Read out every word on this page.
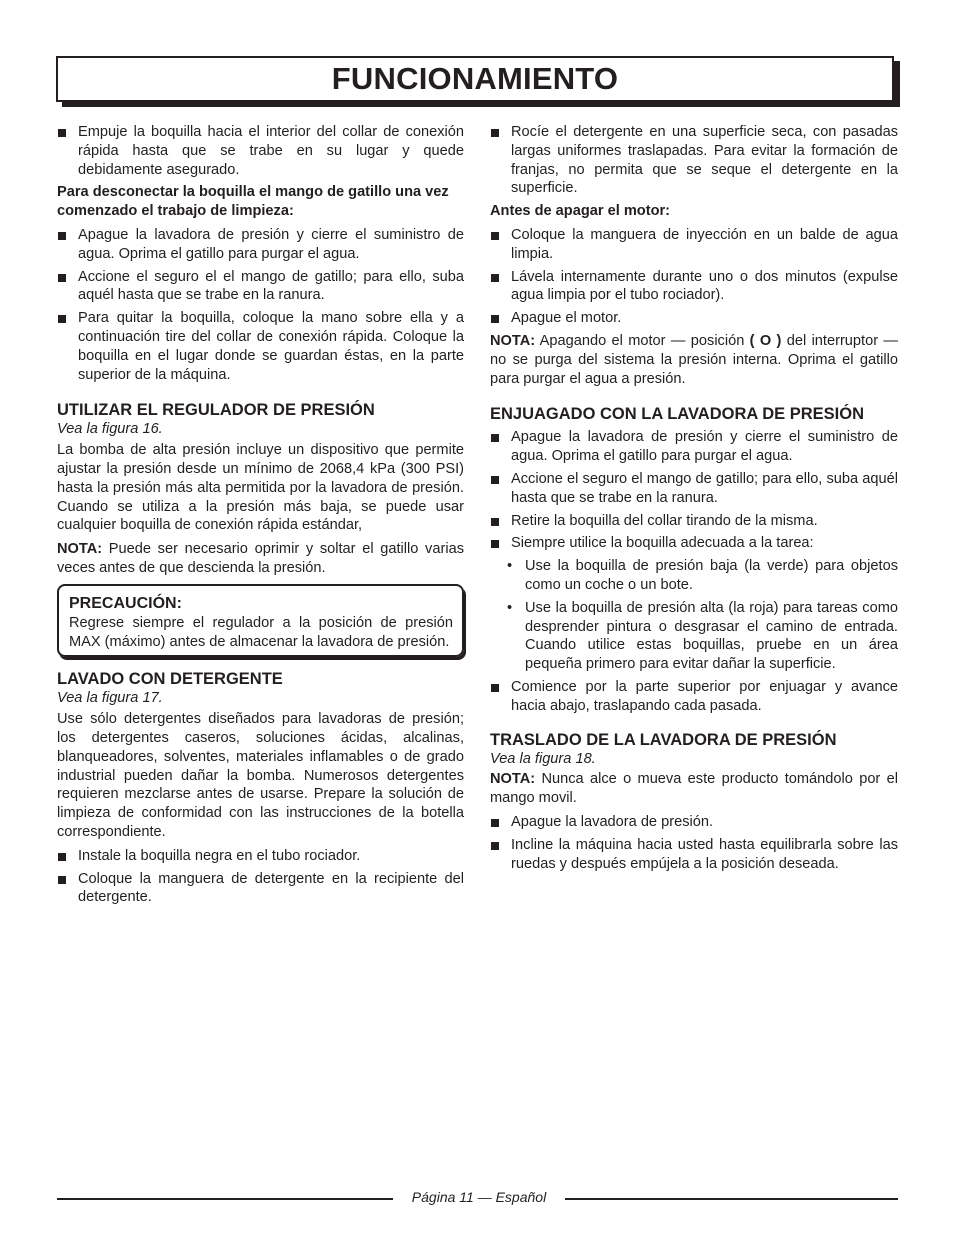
FUNCIONAMIENTO
Empuje la boquilla hacia el interior del collar de conexión rápida hasta que se trabe en su lugar y quede debidamente asegurado.

Para desconectar la boquilla el mango de gatillo una vez comenzado el trabajo de limpieza:

Apague la lavadora de presión y cierre el suministro de agua. Oprima el gatillo para purgar el agua.
Accione el seguro el el mango de gatillo; para ello, suba aquél hasta que se trabe en la ranura.
Para quitar la boquilla, coloque la mano sobre ella y a continuación tire del collar de conexión rápida. Coloque la boquilla en el lugar donde se guardan éstas, en la parte superior de la máquina.
UTILIZAR EL REGULADOR DE PRESIÓN

Vea la figura 16.

La bomba de alta presión incluye un dispositivo que permite ajustar la presión desde un mínimo de 2068,4 kPa (300 PSI) hasta la presión más alta permitida por la lavadora de presión. Cuando se utiliza a la presión más baja, se puede usar cualquier boquilla de conexión rápida estándar,

NOTA: Puede ser necesario oprimir y soltar el gatillo varias veces antes de que descienda la presión.

PRECAUCIÓN:

Regrese siempre el regulador a la posición de presión MAX (máximo) antes de almacenar la lavadora de presión.

LAVADO CON DETERGENTE

Vea la figura 17.

Use sólo detergentes diseñados para lavadoras de presión; los detergentes caseros, soluciones ácidas, alcalinas, blanqueadores, solventes, materiales inflamables o de grado industrial pueden dañar la bomba. Numerosos detergentes requieren mezclarse antes de usarse. Prepare la solución de limpieza de conformidad con las instrucciones de la botella correspondiente.

Instale la boquilla negra en el tubo rociador.
Coloque la manguera de detergente en la recipiente del detergente.
Rocíe el detergente en una superficie seca, con pasadas largas uniformes traslapadas. Para evitar la formación de franjas, no permita que se seque el detergente en la superficie.

Antes de apagar el motor:

Coloque la manguera de inyección en un balde de agua limpia.
Lávela internamente durante uno o dos minutos (expulse agua limpia por el tubo rociador).
Apague el motor.

NOTA: Apagando el motor — posición ( O ) del interruptor — no se purga del sistema la presión interna. Oprima el gatillo para purgar el agua a presión.

ENJUAGADO CON LA LAVADORA DE PRESIÓN
Apague la lavadora de presión y cierre el suministro de agua. Oprima el gatillo para purgar el agua.
Accione el seguro el mango de gatillo; para ello, suba aquél hasta que se trabe en la ranura.
Retire la boquilla del collar tirando de la misma.
Siempre utilice la boquilla adecuada a la tarea:
• Use la boquilla de presión baja (la verde) para objetos como un coche o un bote.
• Use la boquilla de presión alta (la roja) para tareas como desprender pintura o desgrasar el camino de entrada. Cuando utilice estas boquillas, pruebe en un área pequeña primero para evitar dañar la superficie.
Comience por la parte superior por enjuagar y avance hacia abajo, traslapando cada pasada.
TRASLADO DE LA LAVADORA DE PRESIÓN

Vea la figura 18.

NOTA: Nunca alce o mueva este producto tomándolo por el mango movil.

Apague la lavadora de presión.
Incline la máquina hacia usted hasta equilibrarla sobre las ruedas y después empújela a la posición deseada.
Página 11 — Español
